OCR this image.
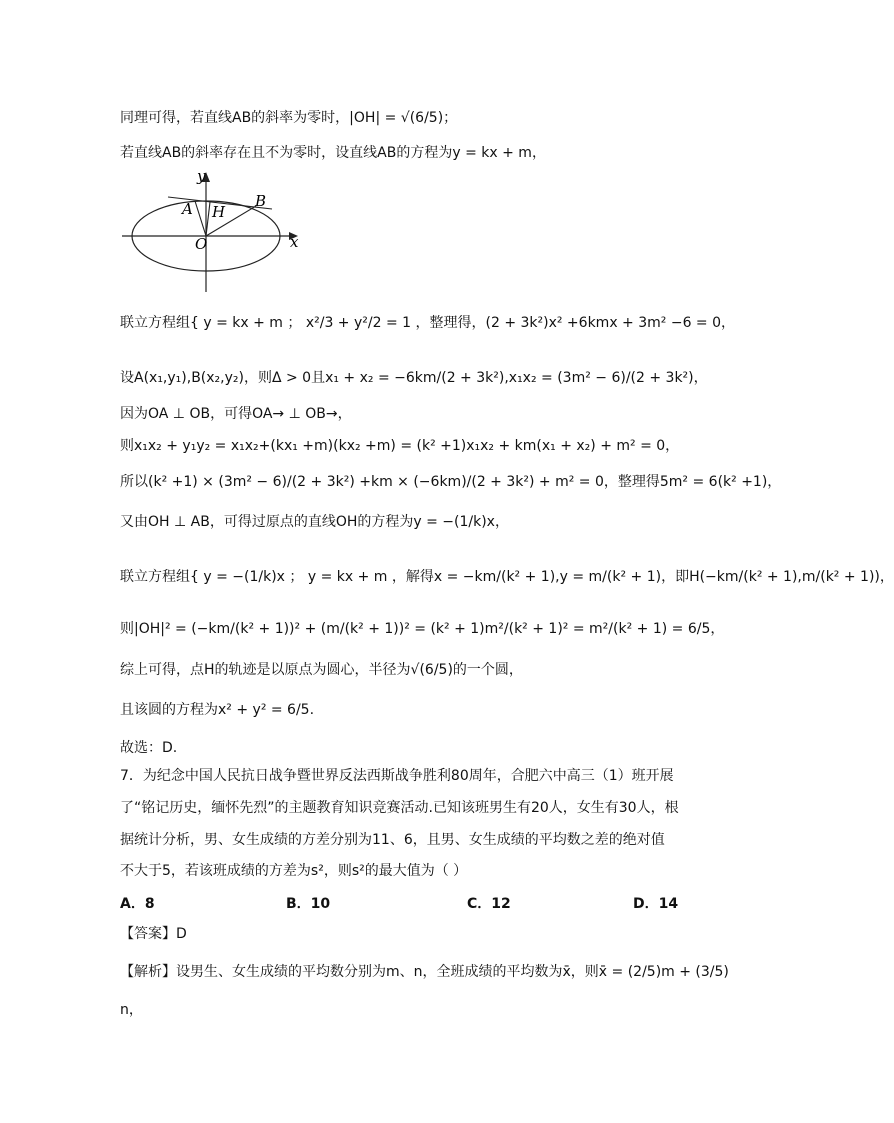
y
x
O
A	B
H
同理可得，若直线AB的斜率为零时，|OH| = √(6/5)；
若直线AB的斜率存在且不为零时，设直线AB的方程为y = kx + m，
联立方程组{ y = kx + m ； x²/3 + y²/2 = 1 ，整理得，(2 + 3k²)x² +6kmx + 3m² −6 = 0，
设A(x₁,y₁),B(x₂,y₂)，则Δ > 0且x₁ + x₂ = −6km/(2 + 3k²),x₁x₂ = (3m² − 6)/(2 + 3k²)，
因为OA ⊥ OB，可得OA→ ⊥ OB→，
则x₁x₂ + y₁y₂ = x₁x₂+(kx₁ +m)(kx₂ +m) = (k² +1)x₁x₂ + km(x₁ + x₂) + m² = 0，
所以(k² +1) × (3m² − 6)/(2 + 3k²) +km × (−6km)/(2 + 3k²) + m² = 0，整理得5m² = 6(k² +1)，
又由OH ⊥ AB，可得过原点的直线OH的方程为y = −(1/k)x，
联立方程组{ y = −(1/k)x ； y = kx + m ，解得x = −km/(k² + 1),y = m/(k² + 1)，即H(−km/(k² + 1),m/(k² + 1))，
则|OH|² = (−km/(k² + 1))² + (m/(k² + 1))² = (k² + 1)m²/(k² + 1)² = m²/(k² + 1) = 6/5，
综上可得，点H的轨迹是以原点为圆心，半径为√(6/5)的一个圆，
且该圆的方程为x² + y² = 6/5.
故选：D.
7．为纪念中国人民抗日战争暨世界反法西斯战争胜利80周年，合肥六中高三（1）班开展
了“铭记历史，缅怀先烈”的主题教育知识竞赛活动.已知该班男生有20人，女生有30人，根
据统计分析，男、女生成绩的方差分别为11、6，且男、女生成绩的平均数之差的绝对值
不大于5，若该班成绩的方差为s²，则s²的最大值为（ ）
A．8	B．10	C．12	D．14
【答案】D
【解析】设男生、女生成绩的平均数分别为m、n，全班成绩的平均数为x̄，则x̄ = (2/5)m + (3/5)
n，
